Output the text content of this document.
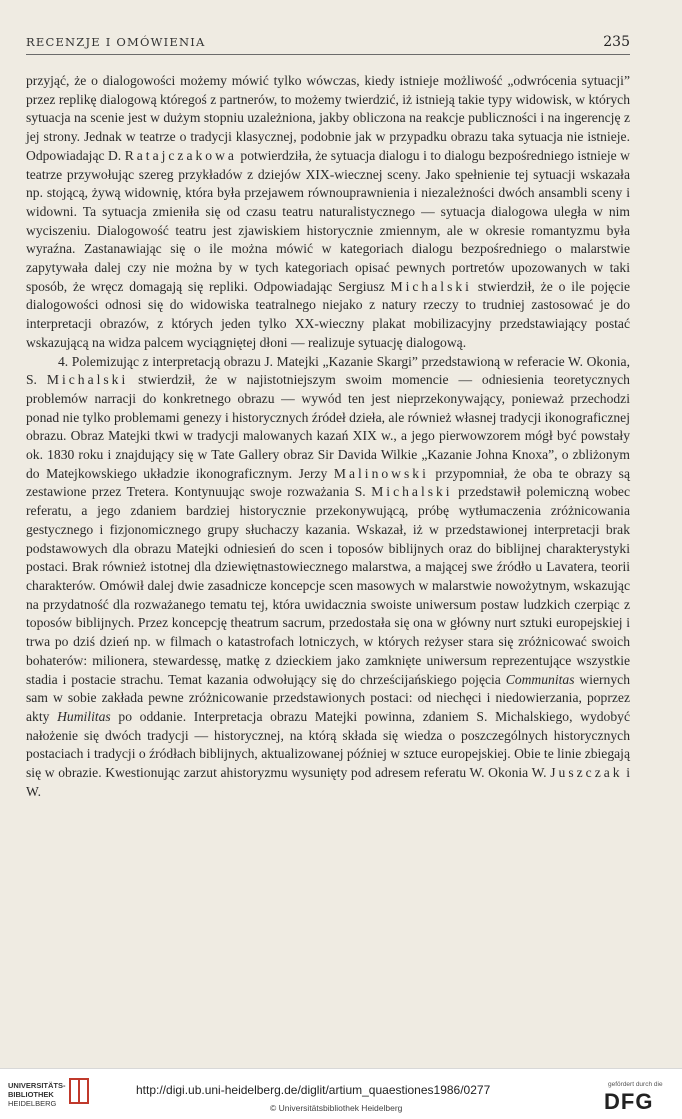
RECENZJE I OMÓWIENIA	235

przyjąć, że o dialogowości możemy mówić tylko wówczas, kiedy istnieje możliwość „odwrócenia sytuacji” przez replikę dialogową któregoś z partnerów, to możemy twierdzić, iż istnieją takie typy widowisk, w których sytuacja na scenie jest w dużym stopniu uzależniona, jakby obliczona na reakcje publiczności i na ingerencję z jej strony. Jednak w teatrze o tradycji klasycznej, podobnie jak w przypadku obrazu taka sytuacja nie istnieje. Odpowiadając D. Ratajczakowa potwierdziła, że sytuacja dialogu i to dialogu bezpośredniego istnieje w teatrze przywołując szereg przykładów z dziejów XIX-wiecznej sceny. Jako spełnienie tej sytuacji wskazała np. stojącą, żywą widownię, która była przejawem równouprawnienia i niezależności dwóch ansambli sceny i widowni. Ta sytuacja zmieniła się od czasu teatru naturalistycznego — sytuacja dialogowa uległa w nim wyciszeniu. Dialogowość teatru jest zjawiskiem historycznie zmiennym, ale w okresie romantyzmu była wyraźna. Zastanawiając się o ile można mówić w kategoriach dialogu bezpośredniego o malarstwie zapytywała dalej czy nie można by w tych kategoriach opisać pewnych portretów upozowanych w taki sposób, że wręcz domagają się repliki. Odpowiadając Sergiusz Michalski stwierdził, że o ile pojęcie dialogowości odnosi się do widowiska teatralnego niejako z natury rzeczy to trudniej zastosować je do interpretacji obrazów, z których jeden tylko XX-wieczny plakat mobilizacyjny przedstawiający postać wskazującą na widza palcem wyciągniętej dłoni — realizuje sytuację dialogową.

4. Polemizując z interpretacją obrazu J. Matejki „Kazanie Skargi” przedstawioną w referacie W. Okonia, S. Michalski stwierdził, że w najistotniejszym swoim momencie — odniesienia teoretycznych problemów narracji do konkretnego obrazu — wywód ten jest nieprzekonywający, ponieważ przechodzi ponad nie tylko problemami genezy i historycznych źródeł dzieła, ale również własnej tradycji ikonograficznej obrazu. Obraz Matejki tkwi w tradycji malowanych kazań XIX w., a jego pierwowzorem mógł być powstały ok. 1830 roku i znajdujący się w Tate Gallery obraz Sir Davida Wilkie „Kazanie Johna Knoxa”, o zbliżonym do Matejkowskiego układzie ikonograficznym. Jerzy Malinowski przypomniał, że oba te obrazy są zestawione przez Tretera. Kontynuując swoje rozważania S. Michalski przedstawił polemiczną wobec referatu, a jego zdaniem bardziej historycznie przekonywującą, próbę wytłumaczenia zróżnicowania gestycznego i fizjonomicznego grupy słuchaczy kazania. Wskazał, iż w przedstawionej interpretacji brak podstawowych dla obrazu Matejki odniesień do scen i toposów biblijnych oraz do biblijnej charakterystyki postaci. Brak również istotnej dla dziewiętnastowiecznego malarstwa, a mającej swe źródło u Lavatera, teorii charakterów. Omówił dalej dwie zasadnicze koncepcje scen masowych w malarstwie nowożytnym, wskazując na przydatność dla rozważanego tematu tej, która uwidacznia swoiste uniwersum postaw ludzkich czerpiąc z toposów biblijnych. Przez koncepcję theatrum sacrum, przedostała się ona w główny nurt sztuki europejskiej i trwa po dziś dzień np. w filmach o katastrofach lotniczych, w których reżyser stara się zróżnicować swoich bohaterów: milionera, stewardessę, matkę z dzieckiem jako zamknięte uniwersum reprezentujące wszystkie stadia i postacie strachu. Temat kazania odwołujący się do chrześcijańskiego pojęcia Communitas wiernych sam w sobie zakłada pewne zróżnicowanie przedstawionych postaci: od niechęci i niedowierzania, poprzez akty Humilitas po oddanie. Interpretacja obrazu Matejki powinna, zdaniem S. Michalskiego, wydobyć nałożenie się dwóch tradycji — historycznej, na którą składa się wiedza o poszczególnych historycznych postaciach i tradycji o źródłach biblijnych, aktualizowanej później w sztuce europejskiej. Obie te linie zbiegają się w obrazie. Kwestionując zarzut ahistoryzmu wysunięty pod adresem referatu W. Okonia W. Juszczak i W.

UNIVERSITÄTS-
BIBLIOTHEK
HEIDELBERG
http://digi.ub.uni-heidelberg.de/diglit/artium_quaestiones1986/0277
© Universitätsbibliothek Heidelberg
gefördert durch die
DFG
